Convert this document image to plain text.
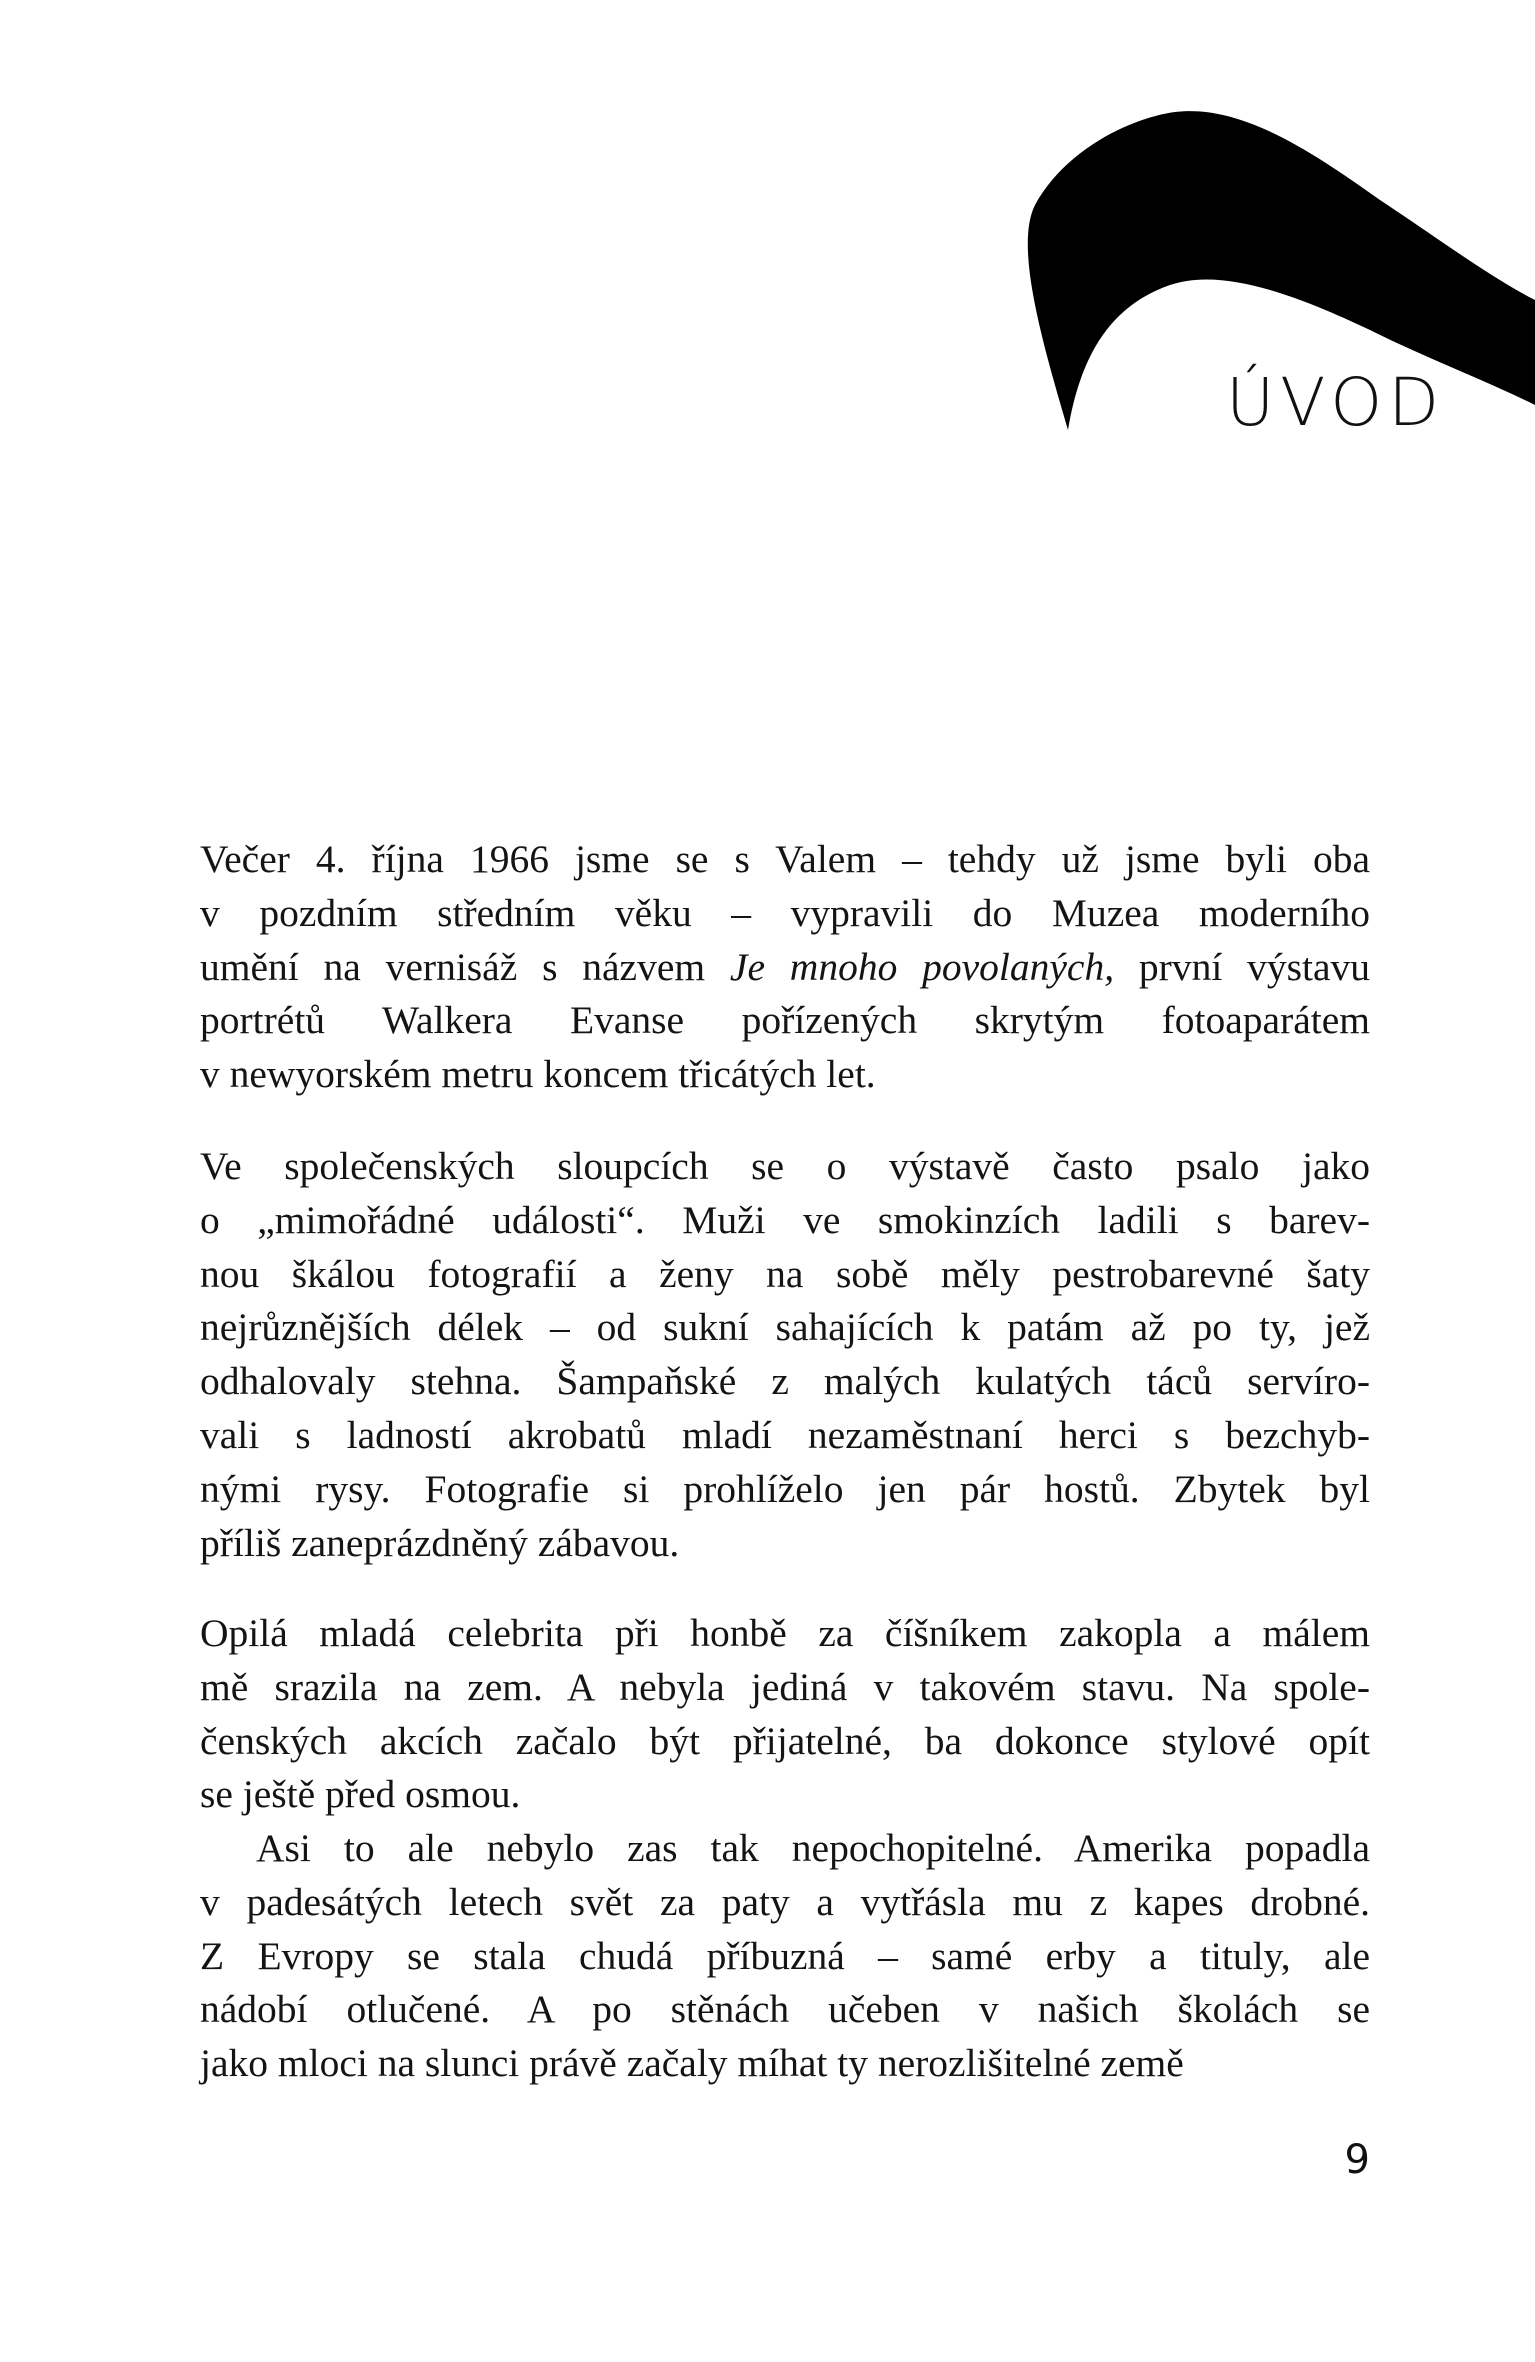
ÚVOD
Večer 4. října 1966 jsme se s Valem – tehdy už jsme byli oba
v pozdním středním věku – vypravili do Muzea moderního
umění na vernisáž s názvem Je mnoho povolaných, první výstavu
portrétů Walkera Evanse pořízených skrytým fotoaparátem
v newyorském metru koncem třicátých let.
Ve společenských sloupcích se o výstavě často psalo jako
o „mimořádné události“. Muži ve smokinzích ladili s barev-
nou škálou fotografií a ženy na sobě měly pestrobarevné šaty
nejrůznějších délek – od sukní sahajících k patám až po ty, jež
odhalovaly stehna. Šampaňské z malých kulatých táců servíro-
vali s ladností akrobatů mladí nezaměstnaní herci s bezchyb-
nými rysy. Fotografie si prohlíželo jen pár hostů. Zbytek byl
příliš zaneprázdněný zábavou.
Opilá mladá celebrita při honbě za číšníkem zakopla a málem
mě srazila na zem. A nebyla jediná v takovém stavu. Na spole-
čenských akcích začalo být přijatelné, ba dokonce stylové opít
se ještě před osmou.
Asi to ale nebylo zas tak nepochopitelné. Amerika popadla
v padesátých letech svět za paty a vytřásla mu z kapes drobné.
Z Evropy se stala chudá příbuzná – samé erby a tituly, ale
nádobí otlučené. A po stěnách učeben v našich školách se
jako mloci na slunci právě začaly míhat ty nerozlišitelné země
9
